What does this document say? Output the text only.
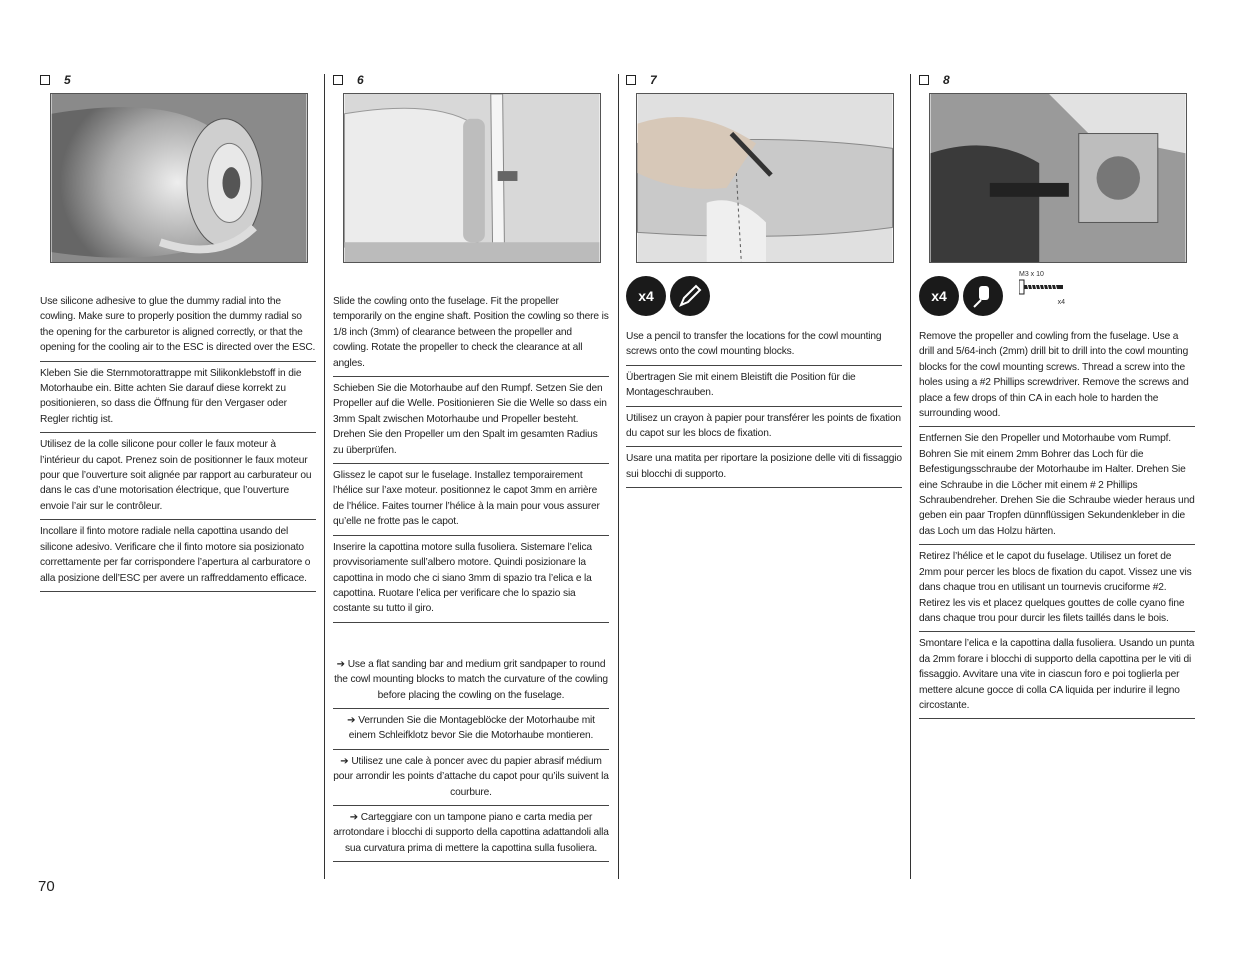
5
Use silicone adhesive to glue the dummy radial into the cowling. Make sure to properly position the dummy radial so the opening for the carburetor is aligned correctly, or that the opening for the cooling air to the ESC is directed over the ESC.
Kleben Sie die Sternmotorattrappe mit Silikonklebstoff in die Motorhaube ein. Bitte achten Sie darauf diese korrekt zu positionieren, so dass die Öffnung für den Vergaser oder Regler richtig ist.
Utilisez de la colle silicone pour coller le faux moteur à l’intérieur du capot. Prenez soin de positionner le faux moteur pour que l’ouverture soit alignée par rapport au carburateur ou dans le cas d’une motorisation électrique, que l’ouverture envoie l’air sur le contrôleur.
Incollare il finto motore radiale nella capottina usando del silicone adesivo. Verificare che il finto motore sia posizionato correttamente per far corrispondere l’apertura al carburatore o alla posizione dell’ESC per avere un raffreddamento efficace.
6
Slide the cowling onto the fuselage. Fit the propeller temporarily on the engine shaft. Position the cowling so there is 1/8 inch (3mm) of clearance between the propeller and cowling. Rotate the propeller to check the clearance at all angles.
Schieben Sie die Motorhaube auf den Rumpf. Setzen Sie den Propeller auf die Welle. Positionieren Sie die Welle so dass ein 3mm Spalt zwischen Motorhaube und Propeller besteht. Drehen Sie den Propeller um den Spalt im gesamten Radius zu überprüfen.
Glissez le capot sur le fuselage. Installez temporairement l’hélice sur l’axe moteur. positionnez le capot 3mm en arrière de l’hélice. Faites tourner l’hélice à la main pour vous assurer qu’elle ne frotte pas le capot.
Inserire la capottina motore sulla fusoliera. Sistemare l’elica provvisoriamente sull’albero motore. Quindi posizionare la capottina in modo che ci siano 3mm di spazio tra l’elica e la capottina. Ruotare l’elica per verificare che lo spazio sia costante su tutto il giro.
➔ Use a flat sanding bar and medium grit sandpaper to round the cowl mounting blocks to match the curvature of the cowling before placing the cowling on the fuselage.
➔ Verrunden Sie die Montageblöcke der Motorhaube mit einem Schleifklotz bevor Sie die Motorhaube montieren.
➔ Utilisez une cale à poncer avec du papier abrasif médium pour arrondir les points d’attache du capot pour qu’ils suivent la courbure.
➔ Carteggiare con un tampone piano e carta media per arrotondare i blocchi di supporto della capottina adattandoli alla sua curvatura prima di mettere la capottina sulla fusoliera.
7
x4
Use a pencil to transfer the locations for the cowl mounting screws onto the cowl mounting blocks.
Übertragen Sie mit einem Bleistift die Position für die Montageschrauben.
Utilisez un crayon à papier pour transférer les points de fixation du capot sur les blocs de fixation.
Usare una matita per riportare la posizione delle viti di fissaggio sui blocchi di supporto.
8
x4
M3 x 10
x4
Remove the propeller and cowling from the fuselage. Use a drill and 5/64-inch (2mm) drill bit to drill into the cowl mounting blocks for the cowl mounting screws. Thread a screw into the holes using a #2 Phillips screwdriver. Remove the screws and place a few drops of thin CA in each hole to harden the surrounding wood.
Entfernen Sie den Propeller und Motorhaube vom Rumpf. Bohren Sie mit einem 2mm Bohrer das Loch für die Befestigungsschraube der Motorhaube im Halter. Drehen Sie eine Schraube in die Löcher mit einem # 2 Phillips Schraubendreher. Drehen Sie die Schraube wieder heraus und geben ein paar Tropfen dünnflüssigen Sekundenkleber in die das Loch um das Holzu härten.
Retirez l’hélice et le capot du fuselage. Utilisez un foret de 2mm pour percer les blocs de fixation du capot. Vissez une vis dans chaque trou en utilisant un tournevis cruciforme #2. Retirez les vis et placez quelques gouttes de colle cyano fine dans chaque trou pour durcir les filets taillés dans le bois.
Smontare l’elica e la capottina dalla fusoliera. Usando un punta da 2mm forare i blocchi di supporto della capottina per le viti di fissaggio. Avvitare una vite in ciascun foro e poi toglierla per mettere alcune gocce di colla CA liquida per indurire il legno circostante.
70
